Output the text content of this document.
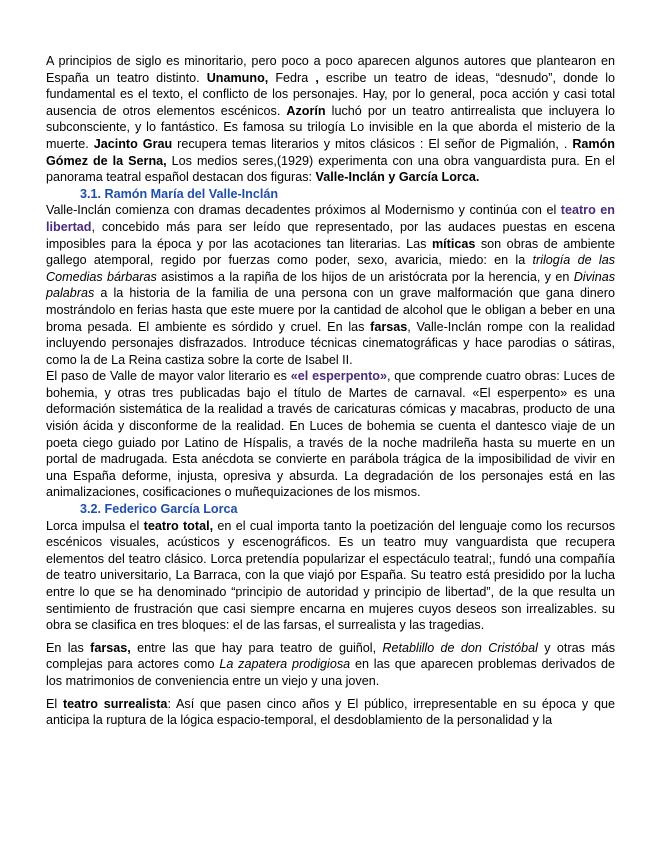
A principios de siglo es minoritario, pero poco a poco aparecen algunos autores que plantearon en España un teatro distinto. Unamuno, Fedra , escribe un teatro de ideas, “desnudo”, donde lo fundamental es el texto, el conflicto de los personajes. Hay, por lo general, poca acción y casi total ausencia de otros elementos escénicos. Azorín luchó por un teatro antirrealista que incluyera lo subconsciente, y lo fantástico. Es famosa su trilogía Lo invisible en la que aborda el misterio de la muerte. Jacinto Grau recupera temas literarios y mitos clásicos : El señor de Pigmalión, . Ramón Gómez de la Serna, Los medios seres,(1929) experimenta con una obra vanguardista pura. En el panorama teatral español destacan dos figuras: Valle-Inclán y García Lorca.

3.1. Ramón María del Valle-Inclán

Valle-Inclán comienza con dramas decadentes próximos al Modernismo y continúa con el teatro en libertad, concebido más para ser leído que representado, por las audaces puestas en escena imposibles para la época y por las acotaciones tan literarias. Las míticas son obras de ambiente gallego atemporal, regido por fuerzas como poder, sexo, avaricia, miedo: en la trilogía de las Comedias bárbaras asistimos a la rapiña de los hijos de un aristócrata por la herencia, y en Divinas palabras a la historia de la familia de una persona con un grave malformación que gana dinero mostrándolo en ferias hasta que este muere por la cantidad de alcohol que le obligan a beber en una broma pesada. El ambiente es sórdido y cruel. En las farsas, Valle-Inclán rompe con la realidad incluyendo personajes disfrazados. Introduce técnicas cinematográficas y hace parodias o sátiras, como la de La Reina castiza sobre la corte de Isabel II.

El paso de Valle de mayor valor literario es «el esperpento», que comprende cuatro obras: Luces de bohemia, y otras tres publicadas bajo el título de Martes de carnaval. «El esperpento» es una deformación sistemática de la realidad a través de caricaturas cómicas y macabras, producto de una visión ácida y disconforme de la realidad. En Luces de bohemia se cuenta el dantesco viaje de un poeta ciego guiado por Latino de Híspalis, a través de la noche madrileña hasta su muerte en un portal de madrugada. Esta anécdota se convierte en parábola trágica de la imposibilidad de vivir en una España deforme, injusta, opresiva y absurda. La degradación de los personajes está en las animalizaciones, cosificaciones o muñequizaciones de los mismos.

3.2. Federico García Lorca

Lorca impulsa el teatro total, en el cual importa tanto la poetización del lenguaje como los recursos escénicos visuales, acústicos y escenográficos. Es un teatro muy vanguardista que recupera elementos del teatro clásico. Lorca pretendía popularizar el espectáculo teatral;, fundó una compañía de teatro universitario, La Barraca, con la que viajó por España. Su teatro está presidido por la lucha entre lo que se ha denominado “principio de autoridad y principio de libertad”, de la que resulta un sentimiento de frustración que casi siempre encarna en mujeres cuyos deseos son irrealizables. su obra se clasifica en tres bloques: el de las farsas, el surrealista y las tragedias.

En las farsas, entre las que hay para teatro de guiñol, Retablillo de don Cristóbal y otras más complejas para actores como La zapatera prodigiosa en las que aparecen problemas derivados de los matrimonios de conveniencia entre un viejo y una joven.

El teatro surrealista: Así que pasen cinco años y El público, irrepresentable en su época y que anticipa la ruptura de la lógica espacio-temporal, el desdoblamiento de la personalidad y la
